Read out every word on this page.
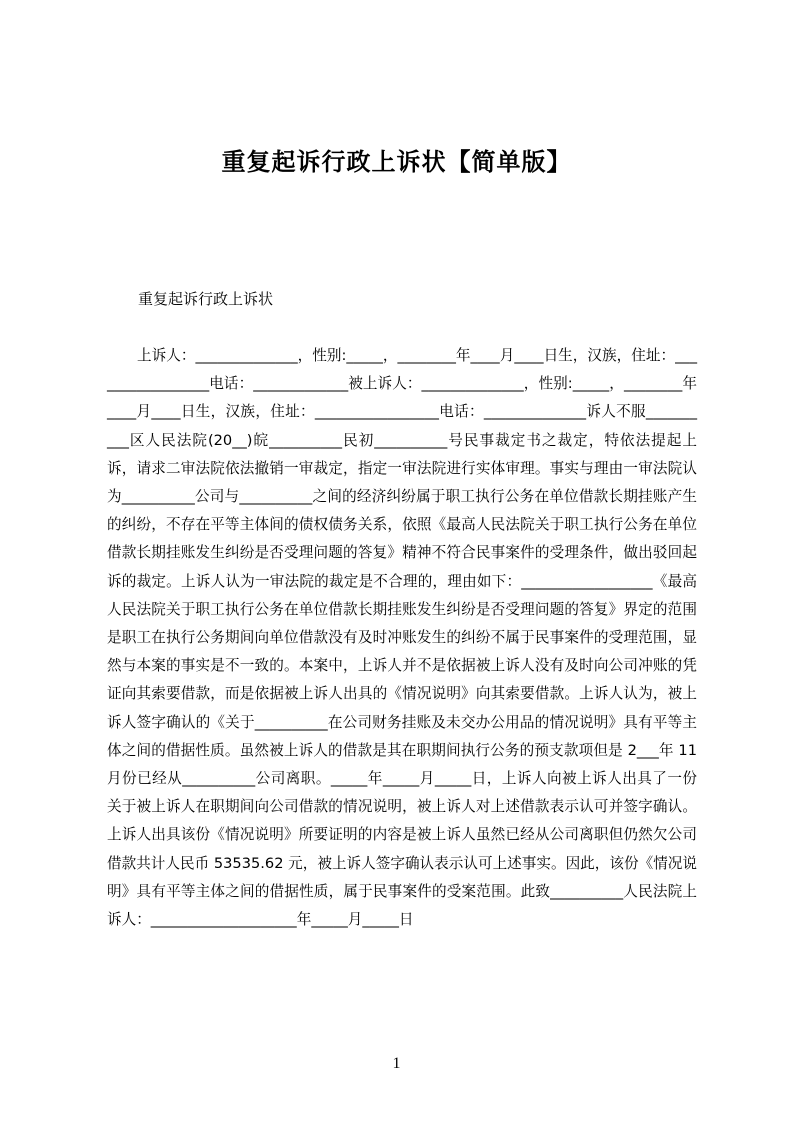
重复起诉行政上诉状【简单版】

重复起诉行政上诉状

上诉人：______________，性别:_____，________年____月____日生，汉族，住址：_________________电话：_____________被上诉人：______________，性别:_____，________年____月____日生，汉族，住址：_________________电话：______________诉人不服__________区人民法院(20__)皖__________民初__________号民事裁定书之裁定，特依法提起上诉，请求二审法院依法撤销一审裁定，指定一审法院进行实体审理。事实与理由一审法院认为__________公司与__________之间的经济纠纷属于职工执行公务在单位借款长期挂账产生的纠纷，不存在平等主体间的债权债务关系，依照《最高人民法院关于职工执行公务在单位借款长期挂账发生纠纷是否受理问题的答复》精神不符合民事案件的受理条件，做出驳回起诉的裁定。上诉人认为一审法院的裁定是不合理的，理由如下：__________________《最高人民法院关于职工执行公务在单位借款长期挂账发生纠纷是否受理问题的答复》界定的范围是职工在执行公务期间向单位借款没有及时冲账发生的纠纷不属于民事案件的受理范围，显然与本案的事实是不一致的。本案中，上诉人并不是依据被上诉人没有及时向公司冲账的凭证向其索要借款，而是依据被上诉人出具的《情况说明》向其索要借款。上诉人认为，被上诉人签字确认的《关于__________在公司财务挂账及未交办公用品的情况说明》具有平等主体之间的借据性质。虽然被上诉人的借款是其在职期间执行公务的预支款项但是 2___年 11 月份已经从__________公司离职。_____年_____月_____日，上诉人向被上诉人出具了一份关于被上诉人在职期间向公司借款的情况说明，被上诉人对上述借款表示认可并签字确认。上诉人出具该份《情况说明》所要证明的内容是被上诉人虽然已经从公司离职但仍然欠公司借款共计人民币 53535.62 元，被上诉人签字确认表示认可上述事实。因此，该份《情况说明》具有平等主体之间的借据性质，属于民事案件的受案范围。此致__________人民法院上诉人：____________________年_____月_____日

1
